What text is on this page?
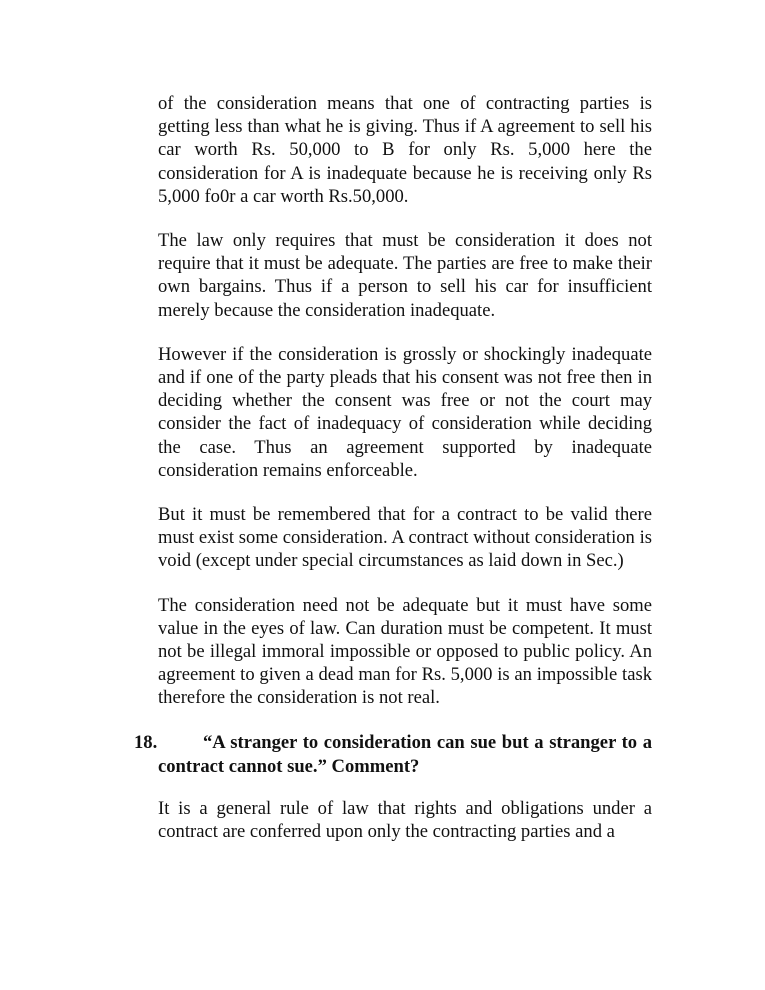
of the consideration means that one of contracting parties is getting less than what he is giving. Thus if A agreement to sell his car worth Rs. 50,000 to B for only Rs. 5,000 here the consideration for A is inadequate because he is receiving only Rs 5,000 fo0r a car worth Rs.50,000.

The law only requires that must be consideration it does not require that it must be adequate. The parties are free to make their own bargains. Thus if a person to sell his car for insufficient merely because the consideration inadequate.

However if the consideration is grossly or shockingly inadequate and if one of the party pleads that his consent was not free then in deciding whether the consent was free or not the court may consider the fact of inadequacy of consideration while deciding the case. Thus an agreement supported by inadequate consideration remains enforceable.

But it must be remembered that for a contract to be valid there must exist some consideration. A contract without consideration is void (except under special circumstances as laid down in Sec.)

The consideration need not be adequate but it must have some value in the eyes of law. Can duration must be competent. It must not be illegal immoral impossible or opposed to public policy. An agreement to given a dead man for Rs. 5,000 is an impossible task therefore the consideration is not real.

18.	“A stranger to consideration can sue but a stranger to a contract cannot sue.” Comment?

It is a general rule of law that rights and obligations under a contract are conferred upon only the contracting parties and a
